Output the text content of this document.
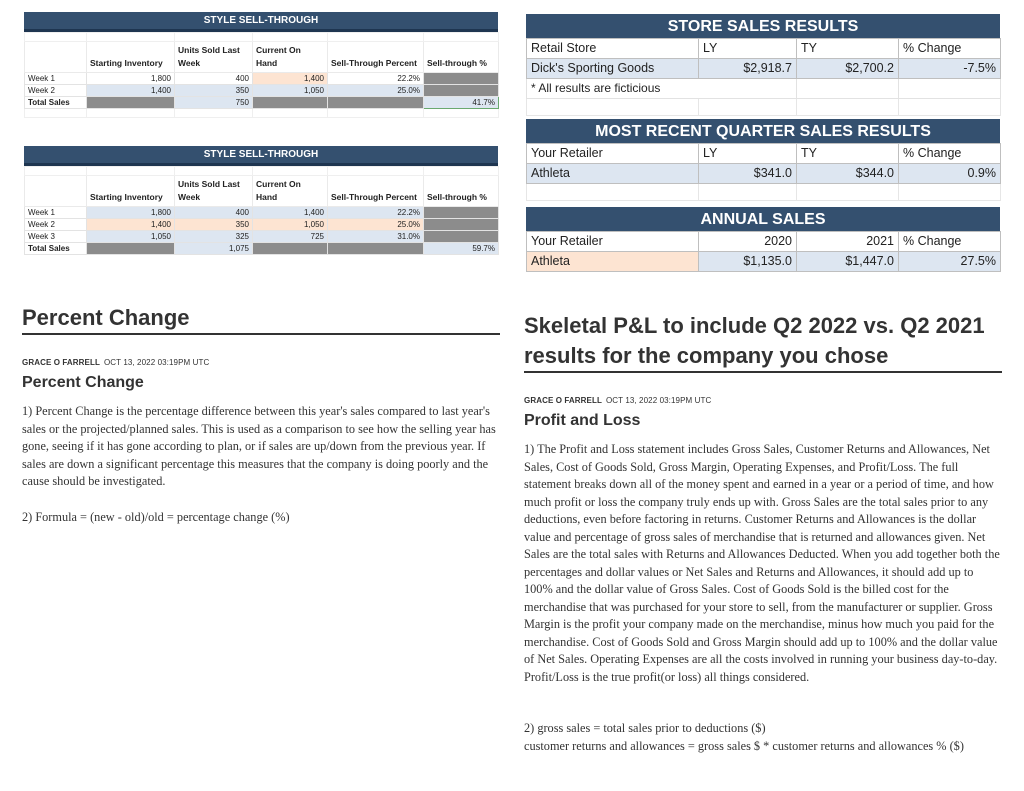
STYLE SELL-THROUGH

	Starting Inventory	Units Sold Last Week	Current On Hand	Sell-Through Percent	Sell-through %
Week 1	1,800	400	1,400	22.2%	
Week 2	1,400	350	1,050	25.0%	
Total Sales		750			41.7%

STYLE SELL-THROUGH

	Starting Inventory	Units Sold Last Week	Current On Hand	Sell-Through Percent	Sell-through %
Week 1	1,800	400	1,400	22.2%	
Week 2	1,400	350	1,050	25.0%	
Week 3	1,050	325	725	31.0%	
Total Sales		1,075			59.7%
STORE SALES RESULTS
Retail Store	LY	TY	% Change
Dick's Sporting Goods	$2,918.7	$2,700.2	-7.5%
* All results are ficticious			

MOST RECENT QUARTER SALES RESULTS
Your Retailer	LY	TY	% Change
Athleta	$341.0	$344.0	0.9%

ANNUAL SALES
Your Retailer	2020	2021	% Change
Athleta	$1,135.0	$1,447.0	27.5%
Percent Change
GRACE O FARRELL OCT 13, 2022 03:19PM UTC
Percent Change
1) Percent Change is the percentage difference between this year's sales compared to last year's sales or the projected/planned sales. This is used as a comparison to see how the selling year has gone, seeing if it has gone according to plan, or if sales are up/down from the previous year. If sales are down a significant percentage this measures that the company is doing poorly and the cause should be investigated.
2) Formula = (new - old)/old = percentage change (%)
Skeletal P&L to include Q2 2022 vs. Q2 2021 results for the company you chose
GRACE O FARRELL OCT 13, 2022 03:19PM UTC
Profit and Loss
1) The Profit and Loss statement includes Gross Sales, Customer Returns and Allowances, Net Sales, Cost of Goods Sold, Gross Margin, Operating Expenses, and Profit/Loss. The full statement breaks down all of the money spent and earned in a year or a period of time, and how much profit or loss the company truly ends up with. Gross Sales are the total sales prior to any deductions, even before factoring in returns. Customer Returns and Allowances is the dollar value and percentage of gross sales of merchandise that is returned and allowances given. Net Sales are the total sales with Returns and Allowances Deducted. When you add together both the percentages and dollar values or Net Sales and Returns and Allowances, it should add up to 100% and the dollar value of Gross Sales. Cost of Goods Sold is the billed cost for the merchandise that was purchased for your store to sell, from the manufacturer or supplier. Gross Margin is the profit your company made on the merchandise, minus how much you paid for the merchandise. Cost of Goods Sold and Gross Margin should add up to 100% and the dollar value of Net Sales. Operating Expenses are all the costs involved in running your business day-to-day. Profit/Loss is the true profit(or loss) all things considered.
2) gross sales = total sales prior to deductions ($)
customer returns and allowances = gross sales $ * customer returns and allowances % ($)
